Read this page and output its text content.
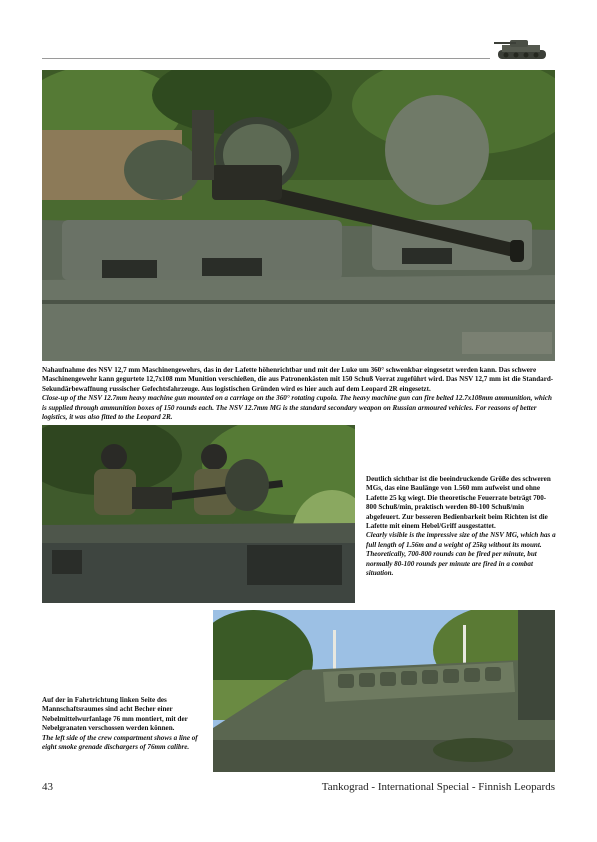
Nahaufnahme des NSV 12,7 mm Maschinengewehrs, das in der Lafette höhenrichtbar und mit der Luke um 360° schwenkbar eingesetzt werden kann. Das schwere Maschinengewehr kann gegurtete 12,7x108 mm Munition verschießen, die aus Patronenkästen mit 150 Schuß Vorrat zugeführt wird. Das NSV 12,7 mm ist die Standard-Sekundärbewaffnung russischer Gefechtsfahrzeuge. Aus logistischen Gründen wird es hier auch auf dem Leopard 2R eingesetzt.

Close-up of the NSV 12.7mm heavy machine gun mounted on a carriage on the 360° rotating cupola. The heavy machine gun can fire belted 12.7x108mm ammunition, which is supplied through ammunition boxes of 150 rounds each. The NSV 12.7mm MG is the standard secondary weapon on Russian armoured vehicles. For reasons of better logistics, it was also fitted to the Leopard 2R.

Deutlich sichtbar ist die beeindruckende Größe des schweren MGs, das eine Baulänge von 1.560 mm aufweist und ohne Lafette 25 kg wiegt. Die theoretische Feuerrate beträgt 700-800 Schuß/min, praktisch werden 80-100 Schuß/min abgefeuert. Zur besseren Bedienbarkeit beim Richten ist die Lafette mit einem Hebel/Griff ausgestattet.

Clearly visible is the impressive size of the NSV MG, which has a full length of 1.56m and a weight of 25kg without its mount. Theoretically, 700-800 rounds can be fired per minute, but normally 80-100 rounds per minute are fired in a combat situation.

Auf der in Fahrtrichtung linken Seite des Mannschaftsraumes sind acht Becher einer Nebelmittelwurfanlage 76 mm montiert, mit der Nebelgranaten verschossen werden können.

The left side of the crew compartment shows a line of eight smoke grenade dischargers of 76mm calibre.

43	Tankograd - International Special - Finnish Leopards
